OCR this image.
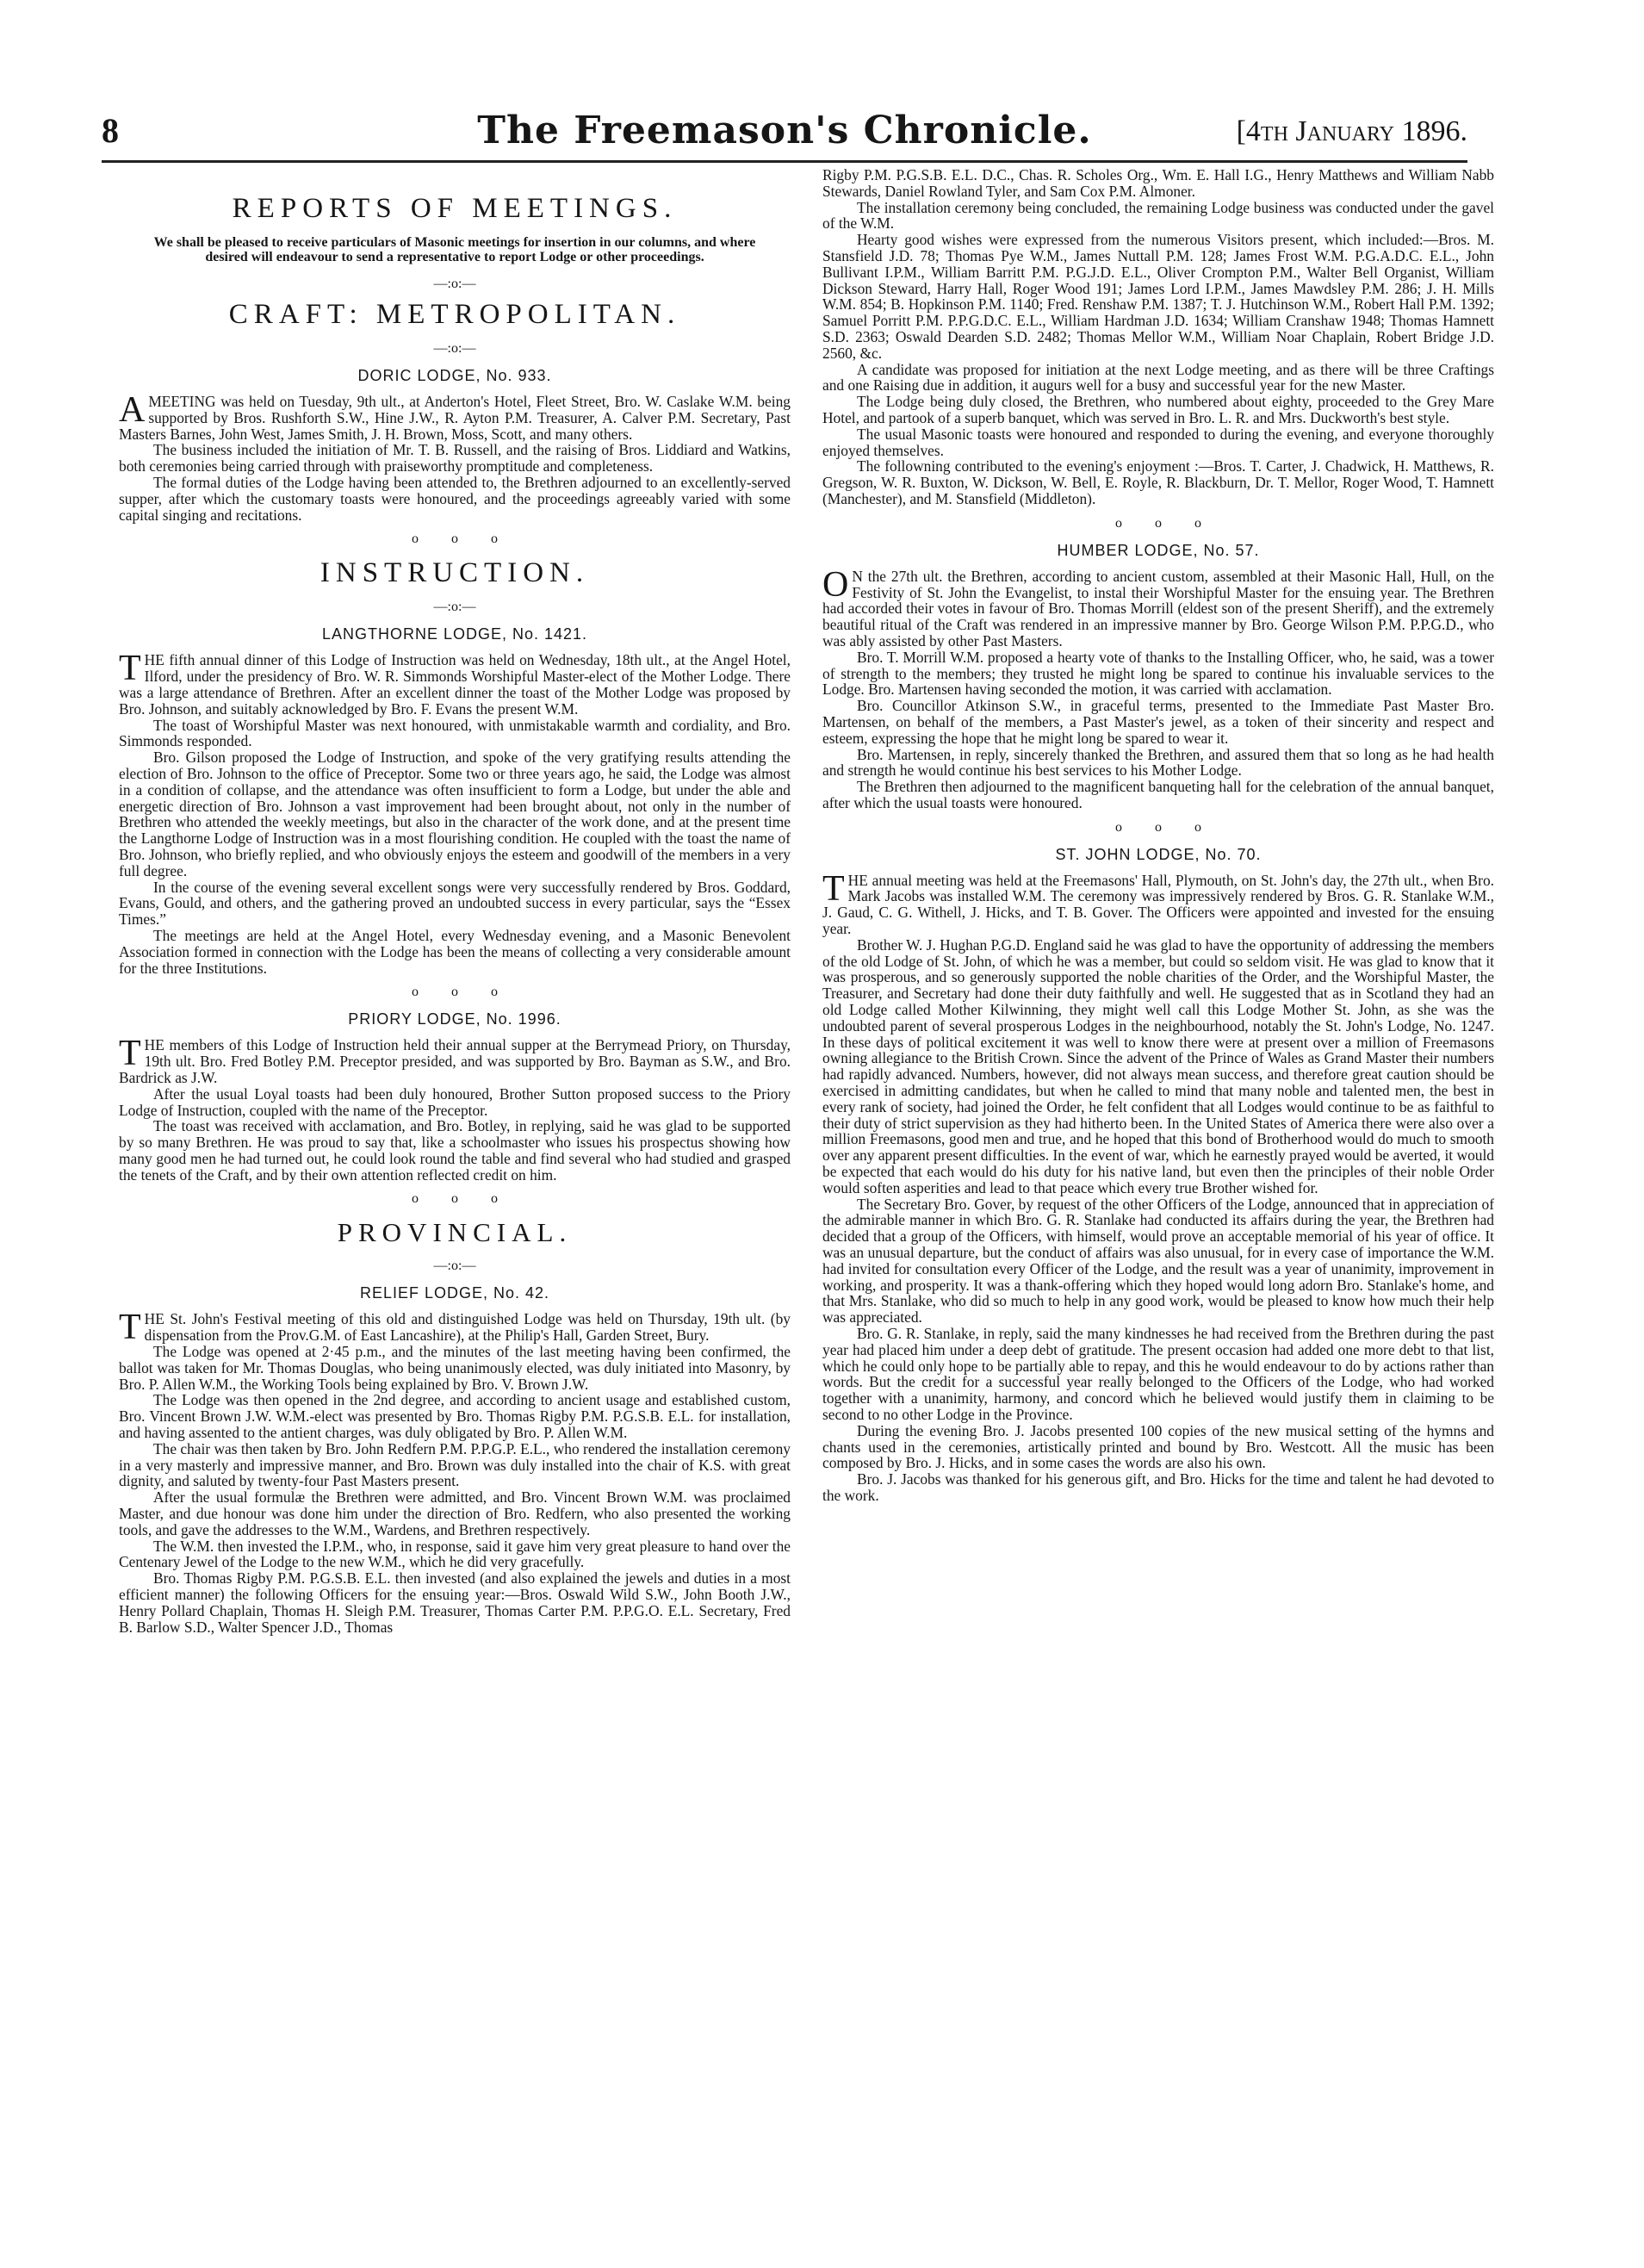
8	The Freemason's Chronicle.	[4th January 1896.
REPORTS OF MEETINGS.

We shall be pleased to receive particulars of Masonic meetings for insertion in our columns, and where desired will endeavour to send a representative to report Lodge or other proceedings.

—:o:—
CRAFT: METROPOLITAN.
—:o:—
DORIC LODGE, No. 933.

AMEETING was held on Tuesday, 9th ult., at Anderton's Hotel, Fleet Street, Bro. W. Caslake W.M. being supported by Bros. Rushforth S.W., Hine J.W., R. Ayton P.M. Treasurer, A. Calver P.M. Secretary, Past Masters Barnes, John West, James Smith, J. H. Brown, Moss, Scott, and many others.

The business included the initiation of Mr. T. B. Russell, and the raising of Bros. Liddiard and Watkins, both ceremonies being carried through with praiseworthy promptitude and completeness.

The formal duties of the Lodge having been attended to, the Brethren adjourned to an excellently-served supper, after which the customary toasts were honoured, and the proceedings agreeably varied with some capital singing and recitations.

o o o
INSTRUCTION.
—:o:—
LANGTHORNE LODGE, No. 1421.

THE fifth annual dinner of this Lodge of Instruction was held on Wednesday, 18th ult., at the Angel Hotel, Ilford, under the presidency of Bro. W. R. Simmonds Worshipful Master-elect of the Mother Lodge. There was a large attendance of Brethren. After an excellent dinner the toast of the Mother Lodge was proposed by Bro. Johnson, and suitably acknowledged by Bro. F. Evans the present W.M.

The toast of Worshipful Master was next honoured, with unmistakable warmth and cordiality, and Bro. Simmonds responded.

Bro. Gilson proposed the Lodge of Instruction, and spoke of the very gratifying results attending the election of Bro. Johnson to the office of Preceptor. Some two or three years ago, he said, the Lodge was almost in a condition of collapse, and the attendance was often insufficient to form a Lodge, but under the able and energetic direction of Bro. Johnson a vast improvement had been brought about, not only in the number of Brethren who attended the weekly meetings, but also in the character of the work done, and at the present time the Langthorne Lodge of Instruction was in a most flourishing condition. He coupled with the toast the name of Bro. Johnson, who briefly replied, and who obviously enjoys the esteem and goodwill of the members in a very full degree.

In the course of the evening several excellent songs were very successfully rendered by Bros. Goddard, Evans, Gould, and others, and the gathering proved an undoubted success in every particular, says the “Essex Times.”

The meetings are held at the Angel Hotel, every Wednesday evening, and a Masonic Benevolent Association formed in connection with the Lodge has been the means of collecting a very considerable amount for the three Institutions.

o o o
PRIORY LODGE, No. 1996.

THE members of this Lodge of Instruction held their annual supper at the Berrymead Priory, on Thursday, 19th ult. Bro. Fred Botley P.M. Preceptor presided, and was supported by Bro. Bayman as S.W., and Bro. Bardrick as J.W.

After the usual Loyal toasts had been duly honoured, Brother Sutton proposed success to the Priory Lodge of Instruction, coupled with the name of the Preceptor.

The toast was received with acclamation, and Bro. Botley, in replying, said he was glad to be supported by so many Brethren. He was proud to say that, like a schoolmaster who issues his prospectus showing how many good men he had turned out, he could look round the table and find several who had studied and grasped the tenets of the Craft, and by their own attention reflected credit on him.

o o o
PROVINCIAL.
—:o:—
RELIEF LODGE, No. 42.

THE St. John's Festival meeting of this old and distinguished Lodge was held on Thursday, 19th ult. (by dispensation from the Prov.G.M. of East Lancashire), at the Philip's Hall, Garden Street, Bury.

The Lodge was opened at 2·45 p.m., and the minutes of the last meeting having been confirmed, the ballot was taken for Mr. Thomas Douglas, who being unanimously elected, was duly initiated into Masonry, by Bro. P. Allen W.M., the Working Tools being explained by Bro. V. Brown J.W.

The Lodge was then opened in the 2nd degree, and according to ancient usage and established custom, Bro. Vincent Brown J.W. W.M.-elect was presented by Bro. Thomas Rigby P.M. P.G.S.B. E.L. for installation, and having assented to the antient charges, was duly obligated by Bro. P. Allen W.M.

The chair was then taken by Bro. John Redfern P.M. P.P.G.P. E.L., who rendered the installation ceremony in a very masterly and impressive manner, and Bro. Brown was duly installed into the chair of K.S. with great dignity, and saluted by twenty-four Past Masters present.

After the usual formulæ the Brethren were admitted, and Bro. Vincent Brown W.M. was proclaimed Master, and due honour was done him under the direction of Bro. Redfern, who also presented the working tools, and gave the addresses to the W.M., Wardens, and Brethren respectively.

The W.M. then invested the I.P.M., who, in response, said it gave him very great pleasure to hand over the Centenary Jewel of the Lodge to the new W.M., which he did very gracefully.

Bro. Thomas Rigby P.M. P.G.S.B. E.L. then invested (and also explained the jewels and duties in a most efficient manner) the following Officers for the ensuing year:—Bros. Oswald Wild S.W., John Booth J.W., Henry Pollard Chaplain, Thomas H. Sleigh P.M. Treasurer, Thomas Carter P.M. P.P.G.O. E.L. Secretary, Fred B. Barlow S.D., Walter Spencer J.D., Thomas

Rigby P.M. P.G.S.B. E.L. D.C., Chas. R. Scholes Org., Wm. E. Hall I.G., Henry Matthews and William Nabb Stewards, Daniel Rowland Tyler, and Sam Cox P.M. Almoner.

The installation ceremony being concluded, the remaining Lodge business was conducted under the gavel of the W.M.

Hearty good wishes were expressed from the numerous Visitors present, which included:—Bros. M. Stansfield J.D. 78; Thomas Pye W.M., James Nuttall P.M. 128; James Frost W.M. P.G.A.D.C. E.L., John Bullivant I.P.M., William Barritt P.M. P.G.J.D. E.L., Oliver Crompton P.M., Walter Bell Organist, William Dickson Steward, Harry Hall, Roger Wood 191; James Lord I.P.M., James Mawdsley P.M. 286; J. H. Mills W.M. 854; B. Hopkinson P.M. 1140; Fred. Renshaw P.M. 1387; T. J. Hutchinson W.M., Robert Hall P.M. 1392; Samuel Porritt P.M. P.P.G.D.C. E.L., William Hardman J.D. 1634; William Cranshaw 1948; Thomas Hamnett S.D. 2363; Oswald Dearden S.D. 2482; Thomas Mellor W.M., William Noar Chaplain, Robert Bridge J.D. 2560, &c.

A candidate was proposed for initiation at the next Lodge meeting, and as there will be three Craftings and one Raising due in addition, it augurs well for a busy and successful year for the new Master.

The Lodge being duly closed, the Brethren, who numbered about eighty, proceeded to the Grey Mare Hotel, and partook of a superb banquet, which was served in Bro. L. R. and Mrs. Duckworth's best style.

The usual Masonic toasts were honoured and responded to during the evening, and everyone thoroughly enjoyed themselves.

The followning contributed to the evening's enjoyment :—Bros. T. Carter, J. Chadwick, H. Matthews, R. Gregson, W. R. Buxton, W. Dickson, W. Bell, E. Royle, R. Blackburn, Dr. T. Mellor, Roger Wood, T. Hamnett (Manchester), and M. Stansfield (Middleton).

o o o
HUMBER LODGE, No. 57.

O N the 27th ult. the Brethren, according to ancient custom, assembled at their Masonic Hall, Hull, on the Festivity of St. John the Evangelist, to instal their Worshipful Master for the ensuing year. The Brethren had accorded their votes in favour of Bro. Thomas Morrill (eldest son of the present Sheriff), and the extremely beautiful ritual of the Craft was rendered in an impressive manner by Bro. George Wilson P.M. P.P.G.D., who was ably assisted by other Past Masters.

Bro. T. Morrill W.M. proposed a hearty vote of thanks to the Installing Officer, who, he said, was a tower of strength to the members; they trusted he might long be spared to continue his invaluable services to the Lodge. Bro. Martensen having seconded the motion, it was carried with acclamation.

Bro. Councillor Atkinson S.W., in graceful terms, presented to the Immediate Past Master Bro. Martensen, on behalf of the members, a Past Master's jewel, as a token of their sincerity and respect and esteem, expressing the hope that he might long be spared to wear it.

Bro. Martensen, in reply, sincerely thanked the Brethren, and assured them that so long as he had health and strength he would continue his best services to his Mother Lodge.

The Brethren then adjourned to the magnificent banqueting hall for the celebration of the annual banquet, after which the usual toasts were honoured.

o o o
ST. JOHN LODGE, No. 70.

THE annual meeting was held at the Freemasons' Hall, Plymouth, on St. John's day, the 27th ult., when Bro. Mark Jacobs was installed W.M. The ceremony was impressively rendered by Bros. G. R. Stanlake W.M., J. Gaud, C. G. Withell, J. Hicks, and T. B. Gover. The Officers were appointed and invested for the ensuing year.

Brother W. J. Hughan P.G.D. England said he was glad to have the opportunity of addressing the members of the old Lodge of St. John, of which he was a member, but could so seldom visit. He was glad to know that it was prosperous, and so generously supported the noble charities of the Order, and the Worshipful Master, the Treasurer, and Secretary had done their duty faithfully and well. He suggested that as in Scotland they had an old Lodge called Mother Kilwinning, they might well call this Lodge Mother St. John, as she was the undoubted parent of several prosperous Lodges in the neighbourhood, notably the St. John's Lodge, No. 1247. In these days of political excitement it was well to know there were at present over a million of Freemasons owning allegiance to the British Crown. Since the advent of the Prince of Wales as Grand Master their numbers had rapidly advanced. Numbers, however, did not always mean success, and therefore great caution should be exercised in admitting candidates, but when he called to mind that many noble and talented men, the best in every rank of society, had joined the Order, he felt confident that all Lodges would continue to be as faithful to their duty of strict supervision as they had hitherto been. In the United States of America there were also over a million Freemasons, good men and true, and he hoped that this bond of Brotherhood would do much to smooth over any apparent present difficulties. In the event of war, which he earnestly prayed would be averted, it would be expected that each would do his duty for his native land, but even then the principles of their noble Order would soften asperities and lead to that peace which every true Brother wished for.

The Secretary Bro. Gover, by request of the other Officers of the Lodge, announced that in appreciation of the admirable manner in which Bro. G. R. Stanlake had conducted its affairs during the year, the Brethren had decided that a group of the Officers, with himself, would prove an acceptable memorial of his year of office. It was an unusual departure, but the conduct of affairs was also unusual, for in every case of importance the W.M. had invited for consultation every Officer of the Lodge, and the result was a year of unanimity, improvement in working, and prosperity. It was a thank-offering which they hoped would long adorn Bro. Stanlake's home, and that Mrs. Stanlake, who did so much to help in any good work, would be pleased to know how much their help was appreciated.

Bro. G. R. Stanlake, in reply, said the many kindnesses he had received from the Brethren during the past year had placed him under a deep debt of gratitude. The present occasion had added one more debt to that list, which he could only hope to be partially able to repay, and this he would endeavour to do by actions rather than words. But the credit for a successful year really belonged to the Officers of the Lodge, who had worked together with a unanimity, harmony, and concord which he believed would justify them in claiming to be second to no other Lodge in the Province.

During the evening Bro. J. Jacobs presented 100 copies of the new musical setting of the hymns and chants used in the ceremonies, artistically printed and bound by Bro. Westcott. All the music has been composed by Bro. J. Hicks, and in some cases the words are also his own.

Bro. J. Jacobs was thanked for his generous gift, and Bro. Hicks for the time and talent he had devoted to the work.
